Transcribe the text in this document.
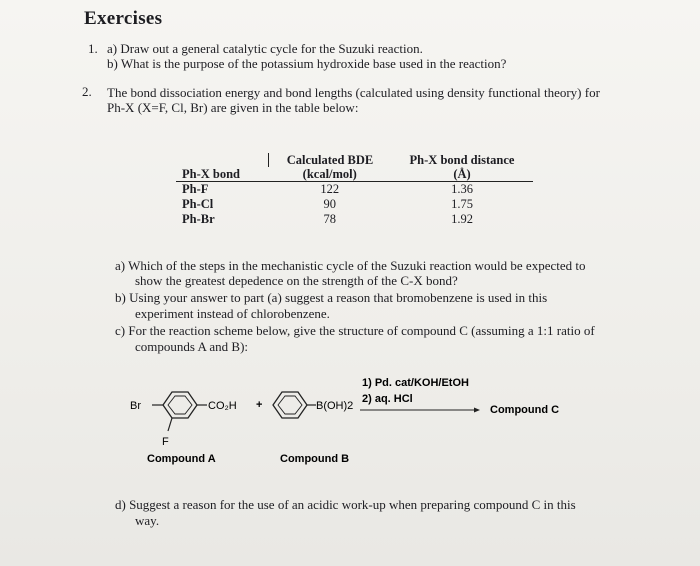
Exercises
1. a) Draw out a general catalytic cycle for the Suzuki reaction.
b) What is the purpose of the potassium hydroxide base used in the reaction?
2. The bond dissociation energy and bond lengths (calculated using density functional theory) for
Ph-X (X=F, Cl, Br) are given in the table below:
	Calculated BDE	Ph-X bond distance
Ph-X bond	(kcal/mol)	(Å)
Ph-F	122	1.36
Ph-Cl	90	1.75
Ph-Br	78	1.92
a) Which of the steps in the mechanistic cycle of the Suzuki reaction would be expected to
show the greatest depedence on the strength of the C-X bond?
b) Using your answer to part (a) suggest a reason that bromobenzene is used in this
experiment instead of chlorobenzene.
c) For the reaction scheme below, give the structure of compound C (assuming a 1:1 ratio of
compounds A and B):
Br	CO₂H
F
+	B(OH)2
1) Pd. cat/KOH/EtOH
2) aq. HCl
Compound C
Compound A	Compound B
d) Suggest a reason for the use of an acidic work-up when preparing compound C in this
way.
